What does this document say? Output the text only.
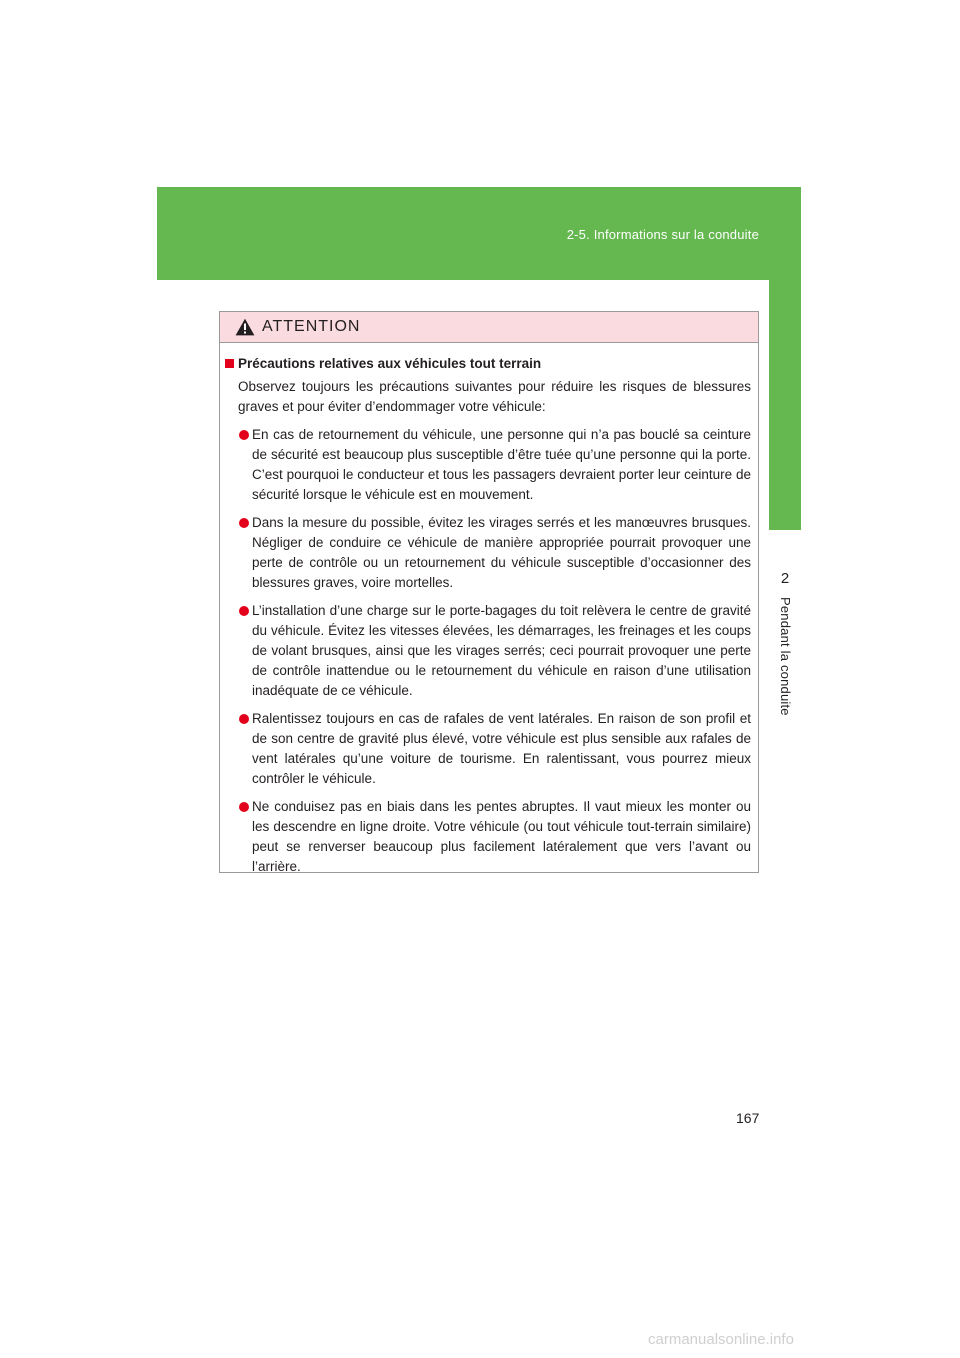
2-5. Informations sur la conduite
2
Pendant la conduite
ATTENTION
Précautions relatives aux véhicules tout terrain

Observez toujours les précautions suivantes pour réduire les risques de blessures graves et pour éviter d’endommager votre véhicule:

En cas de retournement du véhicule, une personne qui n’a pas bouclé sa ceinture de sécurité est beaucoup plus susceptible d’être tuée qu’une personne qui la porte. C’est pourquoi le conducteur et tous les passagers devraient porter leur ceinture de sécurité lorsque le véhicule est en mouvement.
Dans la mesure du possible, évitez les virages serrés et les manœuvres brusques. Négliger de conduire ce véhicule de manière appropriée pourrait provoquer une perte de contrôle ou un retournement du véhicule susceptible d’occasionner des blessures graves, voire mortelles.
L’installation d’une charge sur le porte-bagages du toit relèvera le centre de gravité du véhicule. Évitez les vitesses élevées, les démarrages, les freinages et les coups de volant brusques, ainsi que les virages serrés; ceci pourrait provoquer une perte de contrôle inattendue ou le retournement du véhicule en raison d’une utilisation inadéquate de ce véhicule.
Ralentissez toujours en cas de rafales de vent latérales. En raison de son profil et de son centre de gravité plus élevé, votre véhicule est plus sensible aux rafales de vent latérales qu’une voiture de tourisme. En ralentissant, vous pourrez mieux contrôler le véhicule.
Ne conduisez pas en biais dans les pentes abruptes. Il vaut mieux les monter ou les descendre en ligne droite. Votre véhicule (ou tout véhicule tout-terrain similaire) peut se renverser beaucoup plus facilement latéralement que vers l’avant ou l’arrière.
167
carmanualsonline.info
